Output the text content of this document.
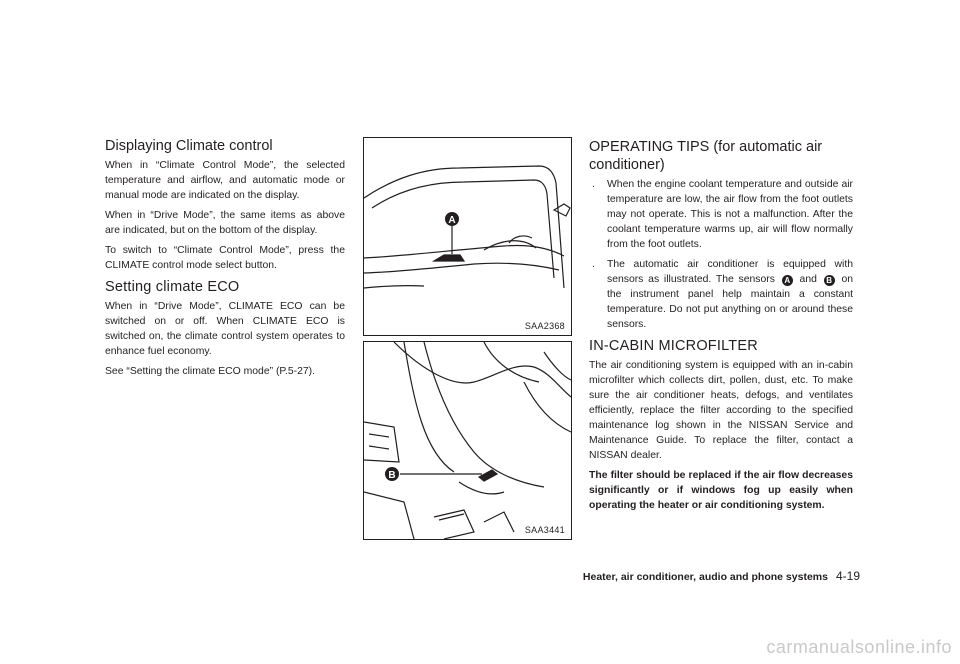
Displaying Climate control

When in “Climate Control Mode”, the selected temperature and airflow, and automatic mode or manual mode are indicated on the display.

When in “Drive Mode”, the same items as above are indicated, but on the bottom of the display.

To switch to “Climate Control Mode”, press the CLIMATE control mode select button.

Setting climate ECO

When in “Drive Mode”, CLIMATE ECO can be switched on or off. When CLIMATE ECO is switched on, the climate control system operates to enhance fuel economy.

See “Setting the climate ECO mode” (P.5-27).

A
SAA2368
B
SAA3441
OPERATING TIPS (for automatic air conditioner)
. When the engine coolant temperature and outside air temperature are low, the air flow from the foot outlets may not operate. This is not a malfunction. After the coolant temperature warms up, air will flow normally from the foot outlets.
. The automatic air conditioner is equipped with sensors as illustrated. The sensors A and B on the instrument panel help maintain a constant temperature. Do not put anything on or around these sensors.
IN-CABIN MICROFILTER

The air conditioning system is equipped with an in-cabin microfilter which collects dirt, pollen, dust, etc. To make sure the air conditioner heats, defogs, and ventilates efficiently, replace the filter according to the specified maintenance log shown in the NISSAN Service and Maintenance Guide. To replace the filter, contact a NISSAN dealer.

The filter should be replaced if the air flow decreases significantly or if windows fog up easily when operating the heater or air conditioning system.

Heater, air conditioner, audio and phone systems 4-19
carmanualsonline.info
